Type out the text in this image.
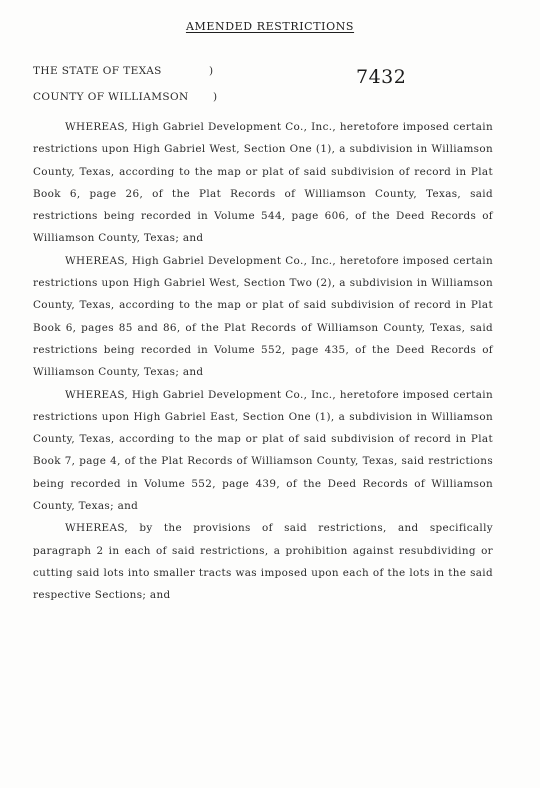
AMENDED RESTRICTIONS
THE STATE OF TEXAS	)
COUNTY OF WILLIAMSON )
7432

WHEREAS, High Gabriel Development Co., Inc., heretofore imposed certain restrictions upon High Gabriel West, Section One (1), a subdivision in Williamson County, Texas, according to the map or plat of said subdivision of record in Plat Book 6, page 26, of the Plat Records of Williamson County, Texas, said restrictions being recorded in Volume 544, page 606, of the Deed Records of Williamson County, Texas; and

WHEREAS, High Gabriel Development Co., Inc., heretofore imposed certain restrictions upon High Gabriel West, Section Two (2), a subdivision in Williamson County, Texas, according to the map or plat of said subdivision of record in Plat Book 6, pages 85 and 86, of the Plat Records of Williamson County, Texas, said restrictions being recorded in Volume 552, page 435, of the Deed Records of Williamson County, Texas; and

WHEREAS, High Gabriel Development Co., Inc., heretofore imposed certain restrictions upon High Gabriel East, Section One (1), a subdivision in Williamson County, Texas, according to the map or plat of said subdivision of record in Plat Book 7, page 4, of the Plat Records of Williamson County, Texas, said restrictions being recorded in Volume 552, page 439, of the Deed Records of Williamson County, Texas; and

WHEREAS, by the provisions of said restrictions, and specifically paragraph 2 in each of said restrictions, a prohibition against resubdividing or cutting said lots into smaller tracts was imposed upon each of the lots in the said respective Sections; and
